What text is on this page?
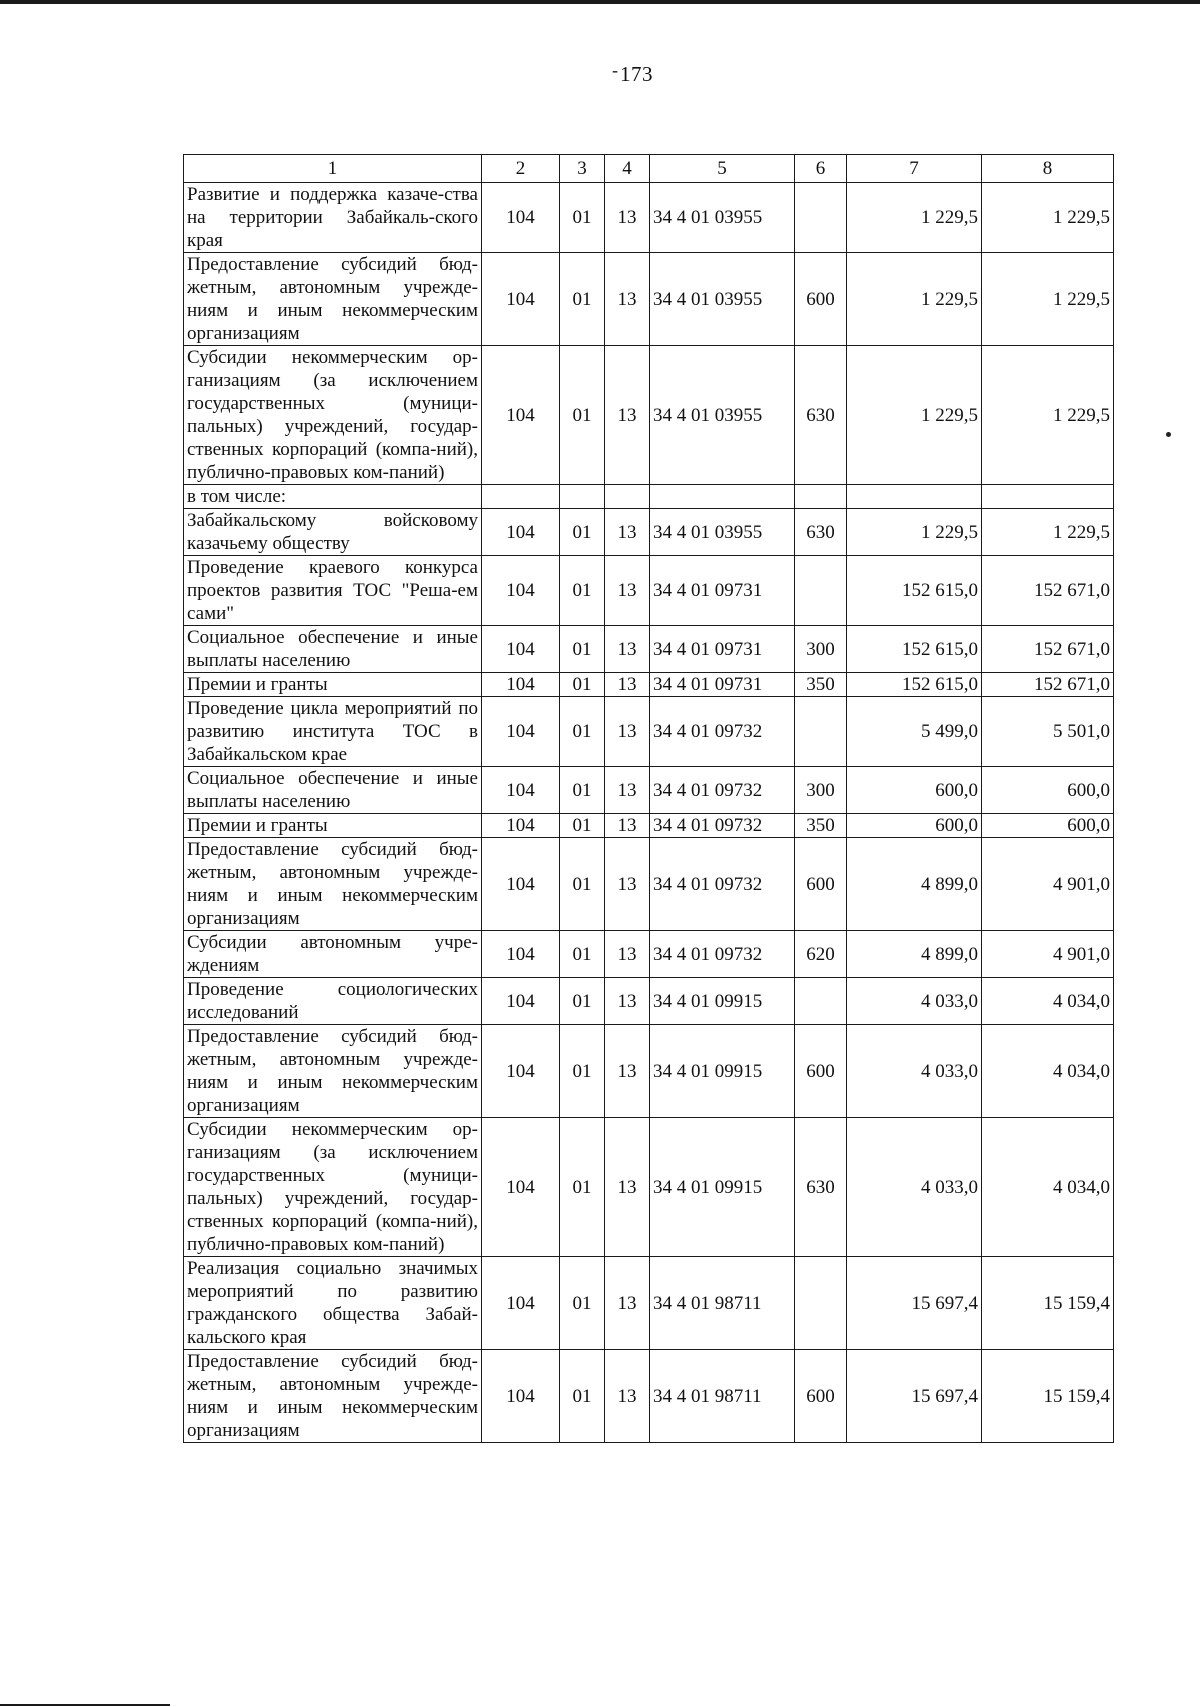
- 173
1	2	3	4	5	6	7	8
Развитие и поддержка казаче-ства на территории Забайкаль-ского края	104	01	13	34 4 01 03955		1 229,5	1 229,5
Предоставление субсидий бюд-жетным, автономным учрежде-ниям и иным некоммерческим организациям	104	01	13	34 4 01 03955	600	1 229,5	1 229,5
Субсидии некоммерческим ор-ганизациям (за исключением государственных (муници-пальных) учреждений, государ-ственных корпораций (компа-ний), публично-правовых ком-паний)	104	01	13	34 4 01 03955	630	1 229,5	1 229,5
в том числе:							
Забайкальскому войсковому казачьему обществу	104	01	13	34 4 01 03955	630	1 229,5	1 229,5
Проведение краевого конкурса проектов развития ТОС "Реша-ем сами"	104	01	13	34 4 01 09731		152 615,0	152 671,0
Социальное обеспечение и иные выплаты населению	104	01	13	34 4 01 09731	300	152 615,0	152 671,0
Премии и гранты	104	01	13	34 4 01 09731	350	152 615,0	152 671,0
Проведение цикла мероприятий по развитию института ТОС в Забайкальском крае	104	01	13	34 4 01 09732		5 499,0	5 501,0
Социальное обеспечение и иные выплаты населению	104	01	13	34 4 01 09732	300	600,0	600,0
Премии и гранты	104	01	13	34 4 01 09732	350	600,0	600,0
Предоставление субсидий бюд-жетным, автономным учрежде-ниям и иным некоммерческим организациям	104	01	13	34 4 01 09732	600	4 899,0	4 901,0
Субсидии автономным учре-ждениям	104	01	13	34 4 01 09732	620	4 899,0	4 901,0
Проведение социологических исследований	104	01	13	34 4 01 09915		4 033,0	4 034,0
Предоставление субсидий бюд-жетным, автономным учрежде-ниям и иным некоммерческим организациям	104	01	13	34 4 01 09915	600	4 033,0	4 034,0
Субсидии некоммерческим ор-ганизациям (за исключением государственных (муници-пальных) учреждений, государ-ственных корпораций (компа-ний), публично-правовых ком-паний)	104	01	13	34 4 01 09915	630	4 033,0	4 034,0
Реализация социально значимых мероприятий по развитию гражданского общества Забай-кальского края	104	01	13	34 4 01 98711		15 697,4	15 159,4
Предоставление субсидий бюд-жетным, автономным учрежде-ниям и иным некоммерческим организациям	104	01	13	34 4 01 98711	600	15 697,4	15 159,4
